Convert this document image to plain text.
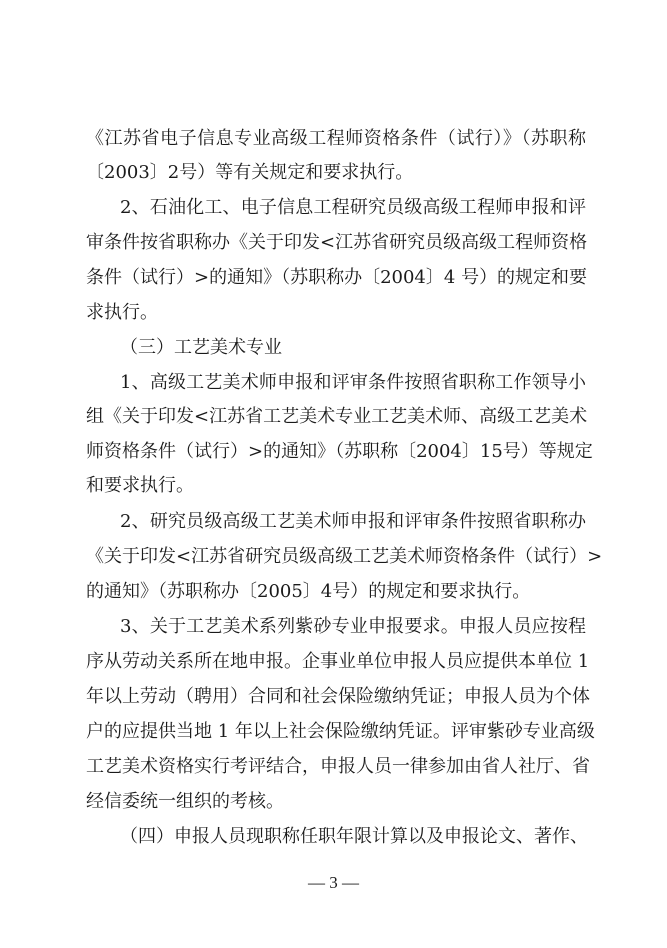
《江苏省电子信息专业高级工程师资格条件（试行）》（苏职称
〔2003〕2号）等有关规定和要求执行。
2、石油化工、电子信息工程研究员级高级工程师申报和评
审条件按省职称办《关于印发<江苏省研究员级高级工程师资格
条件（试行）>的通知》（苏职称办〔2004〕4 号）的规定和要
求执行。
（三）工艺美术专业
1、高级工艺美术师申报和评审条件按照省职称工作领导小
组《关于印发<江苏省工艺美术专业工艺美术师、高级工艺美术
师资格条件（试行）>的通知》（苏职称〔2004〕15号）等规定
和要求执行。
2、研究员级高级工艺美术师申报和评审条件按照省职称办
《关于印发<江苏省研究员级高级工艺美术师资格条件（试行）>
的通知》（苏职称办〔2005〕4号）的规定和要求执行。
3、关于工艺美术系列紫砂专业申报要求。申报人员应按程
序从劳动关系所在地申报。企事业单位申报人员应提供本单位 1
年以上劳动（聘用）合同和社会保险缴纳凭证；申报人员为个体
户的应提供当地 1 年以上社会保险缴纳凭证。评审紫砂专业高级
工艺美术资格实行考评结合，申报人员一律参加由省人社厅、省
经信委统一组织的考核。
（四）申报人员现职称任职年限计算以及申报论文、著作、
— 3 —
